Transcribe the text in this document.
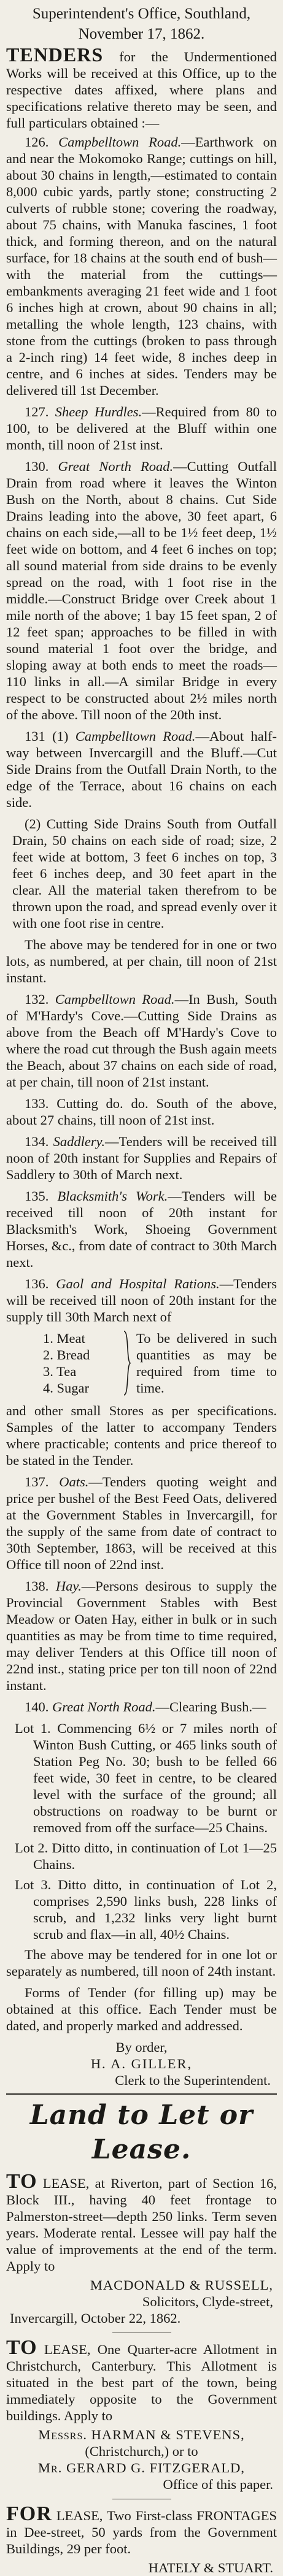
Superintendent's Office, Southland,

November 17, 1862.

TENDERS for the Undermentioned Works will be received at this Office, up to the respective dates affixed, where plans and specifications relative thereto may be seen, and full particulars obtained :—

126. Campbelltown Road.—Earthwork on and near the Mokomoko Range; cuttings on hill, about 30 chains in length,—estimated to contain 8,000 cubic yards, partly stone; constructing 2 culverts of rubble stone; covering the roadway, about 75 chains, with Manuka fascines, 1 foot thick, and forming thereon, and on the natural surface, for 18 chains at the south end of bush—with the material from the cuttings—embankments averaging 21 feet wide and 1 foot 6 inches high at crown, about 90 chains in all; metalling the whole length, 123 chains, with stone from the cuttings (broken to pass through a 2-inch ring) 14 feet wide, 8 inches deep in centre, and 6 inches at sides. Tenders may be delivered till 1st December.

127. Sheep Hurdles.—Required from 80 to 100, to be delivered at the Bluff within one month, till noon of 21st inst.

130. Great North Road.—Cutting Outfall Drain from road where it leaves the Winton Bush on the North, about 8 chains. Cut Side Drains leading into the above, 30 feet apart, 6 chains on each side,—all to be 1½ feet deep, 1½ feet wide on bottom, and 4 feet 6 inches on top; all sound material from side drains to be evenly spread on the road, with 1 foot rise in the middle.—Construct Bridge over Creek about 1 mile north of the above; 1 bay 15 feet span, 2 of 12 feet span; approaches to be filled in with sound material 1 foot over the bridge, and sloping away at both ends to meet the roads—110 links in all.—A similar Bridge in every respect to be constructed about 2½ miles north of the above. Till noon of the 20th inst.

131 (1) Campbelltown Road.—About half-way between Invercargill and the Bluff.—Cut Side Drains from the Outfall Drain North, to the edge of the Terrace, about 16 chains on each side.

(2) Cutting Side Drains South from Outfall Drain, 50 chains on each side of road; size, 2 feet wide at bottom, 3 feet 6 inches on top, 3 feet 6 inches deep, and 30 feet apart in the clear. All the material taken therefrom to be thrown upon the road, and spread evenly over it with one foot rise in centre.

The above may be tendered for in one or two lots, as numbered, at per chain, till noon of 21st instant.

132. Campbelltown Road.—In Bush, South of M'Hardy's Cove.—Cutting Side Drains as above from the Beach off M'Hardy's Cove to where the road cut through the Bush again meets the Beach, about 37 chains on each side of road, at per chain, till noon of 21st instant.

133. Cutting do. do. South of the above, about 27 chains, till noon of 21st inst.

134. Saddlery.—Tenders will be received till noon of 20th instant for Supplies and Repairs of Saddlery to 30th of March next.

135. Blacksmith's Work.—Tenders will be received till noon of 20th instant for Blacksmith's Work, Shoeing Government Horses, &c., from date of contract to 30th March next.

136. Gaol and Hospital Rations.—Tenders will be received till noon of 20th instant for the supply till 30th March next of

1. Meat
2. Bread
3. Tea
4. Sugar
To be delivered in such quantities as may be required from time to time.

and other small Stores as per specifications. Samples of the latter to accompany Tenders where practicable; contents and price thereof to be stated in the Tender.

137. Oats.—Tenders quoting weight and price per bushel of the Best Feed Oats, delivered at the Government Stables in Invercargill, for the supply of the same from date of contract to 30th September, 1863, will be received at this Office till noon of 22nd inst.

138. Hay.—Persons desirous to supply the Provincial Government Stables with Best Meadow or Oaten Hay, either in bulk or in such quantities as may be from time to time required, may deliver Tenders at this Office till noon of 22nd inst., stating price per ton till noon of 22nd instant.

140. Great North Road.—Clearing Bush.—

Lot 1. Commencing 6½ or 7 miles north of Winton Bush Cutting, or 465 links south of Station Peg No. 30; bush to be felled 66 feet wide, 30 feet in centre, to be cleared level with the surface of the ground; all obstructions on roadway to be burnt or removed from off the surface—25 Chains.

Lot 2. Ditto ditto, in continuation of Lot 1—25 Chains.

Lot 3. Ditto ditto, in continuation of Lot 2, comprises 2,590 links bush, 228 links of scrub, and 1,232 links very light burnt scrub and flax—in all, 40½ Chains.

The above may be tendered for in one lot or separately as numbered, till noon of 24th instant.

Forms of Tender (for filling up) may be obtained at this office. Each Tender must be dated, and properly marked and addressed.

By order,

H. A. GILLER,

Clerk to the Superintendent.

Land to Let or Lease.

TO LEASE, at Riverton, part of Section 16, Block III., having 40 feet frontage to Palmerston-street—depth 250 links. Term seven years. Moderate rental. Lessee will pay half the value of improvements at the end of the term. Apply to

MACDONALD & RUSSELL,

Solicitors, Clyde-street,

Invercargill, October 22, 1862.

TO LEASE, One Quarter-acre Allotment in Christchurch, Canterbury. This Allotment is situated in the best part of the town, being immediately opposite to the Government buildings. Apply to

Messrs. HARMAN & STEVENS,

(Christchurch,) or to

Mr. GERARD G. FITZGERALD,

Office of this paper.

FOR LEASE, Two First-class FRONTAGES in Dee-street, 50 yards from the Government Buildings, 29 per foot.

HATELY & STUART.
